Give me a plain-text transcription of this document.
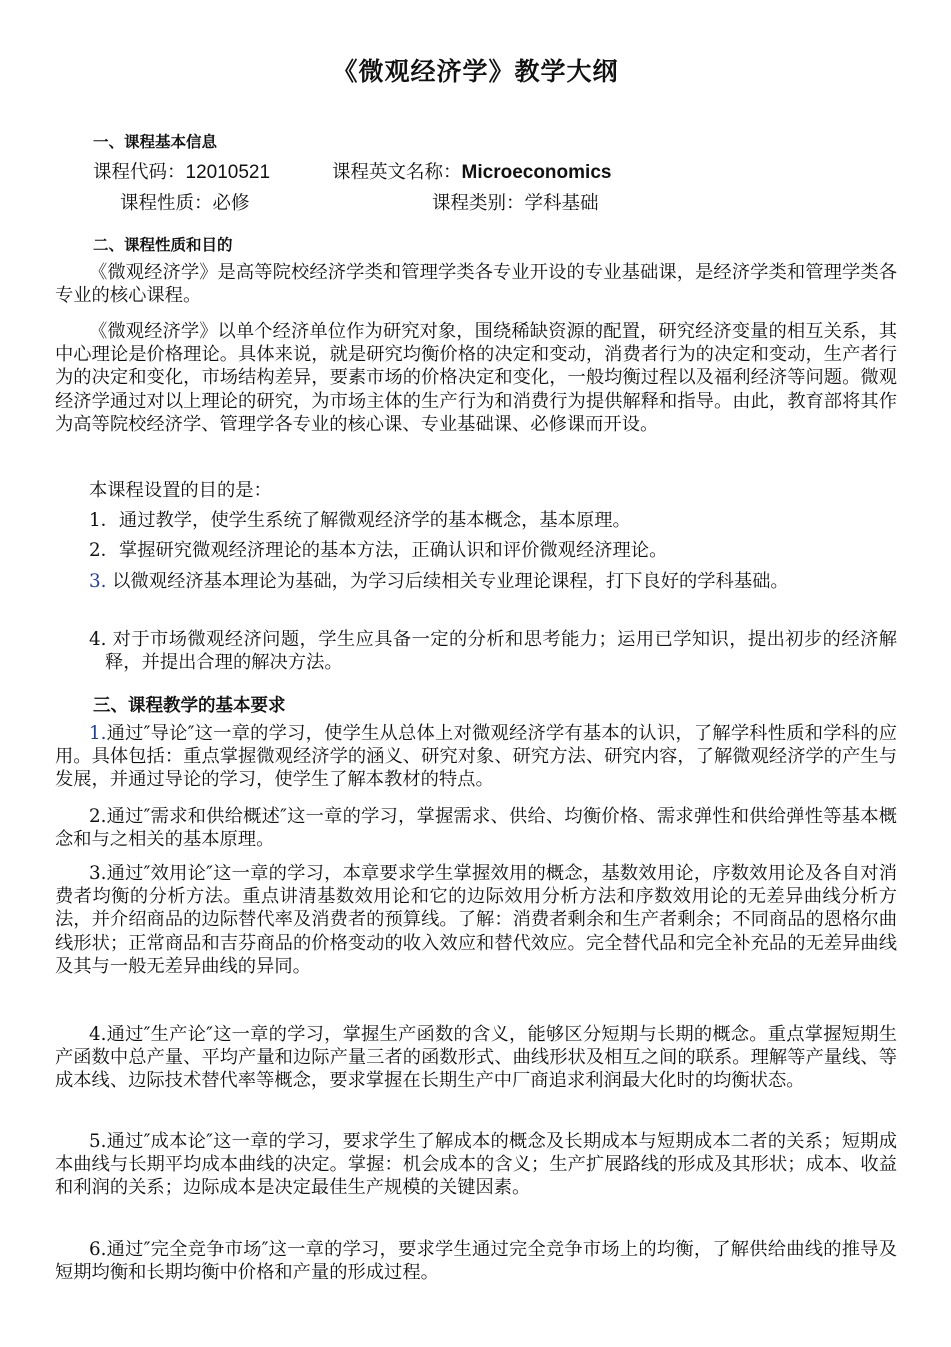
《微观经济学》教学大纲
一、课程基本信息
课程代码：12010521	课程英文名称：Microeconomics
课程性质：必修	课程类别：学科基础
二、课程性质和目的

《微观经济学》是高等院校经济学类和管理学类各专业开设的专业基础课，是经济学类和管理学类各专业的核心课程。

《微观经济学》以单个经济单位作为研究对象，围绕稀缺资源的配置，研究经济变量的相互关系，其中心理论是价格理论。具体来说，就是研究均衡价格的决定和变动，消费者行为的决定和变动，生产者行为的决定和变化，市场结构差异，要素市场的价格决定和变化，一般均衡过程以及福利经济等问题。微观经济学通过对以上理论的研究，为市场主体的生产行为和消费行为提供解释和指导。由此，教育部将其作为高等院校经济学、管理学各专业的核心课、专业基础课、必修课而开设。

本课程设置的目的是：

1．通过教学，使学生系统了解微观经济学的基本概念，基本原理。

2．掌握研究微观经济理论的基本方法，正确认识和评价微观经济理论。

3. 以微观经济基本理论为基础，为学习后续相关专业理论课程，打下良好的学科基础。

4. 对于市场微观经济问题，学生应具备一定的分析和思考能力；运用已学知识，提出初步的经济解释，并提出合理的解决方法。

三、课程教学的基本要求

1.通过″导论″这一章的学习，使学生从总体上对微观经济学有基本的认识，了解学科性质和学科的应用。具体包括：重点掌握微观经济学的涵义、研究对象、研究方法、研究内容，了解微观经济学的产生与发展，并通过导论的学习，使学生了解本教材的特点。

2.通过″需求和供给概述″这一章的学习，掌握需求、供给、均衡价格、需求弹性和供给弹性等基本概念和与之相关的基本原理。

3.通过″效用论″这一章的学习，本章要求学生掌握效用的概念，基数效用论，序数效用论及各自对消费者均衡的分析方法。重点讲清基数效用论和它的边际效用分析方法和序数效用论的无差异曲线分析方法，并介绍商品的边际替代率及消费者的预算线。了解：消费者剩余和生产者剩余；不同商品的恩格尔曲线形状；正常商品和吉芬商品的价格变动的收入效应和替代效应。完全替代品和完全补充品的无差异曲线及其与一般无差异曲线的异同。

4.通过″生产论″这一章的学习，掌握生产函数的含义，能够区分短期与长期的概念。重点掌握短期生产函数中总产量、平均产量和边际产量三者的函数形式、曲线形状及相互之间的联系。理解等产量线、等成本线、边际技术替代率等概念，要求掌握在长期生产中厂商追求利润最大化时的均衡状态。

5.通过″成本论″这一章的学习，要求学生了解成本的概念及长期成本与短期成本二者的关系；短期成本曲线与长期平均成本曲线的决定。掌握：机会成本的含义；生产扩展路线的形成及其形状；成本、收益和利润的关系；边际成本是决定最佳生产规模的关键因素。

6.通过″完全竞争市场″这一章的学习，要求学生通过完全竞争市场上的均衡，了解供给曲线的推导及短期均衡和长期均衡中价格和产量的形成过程。
